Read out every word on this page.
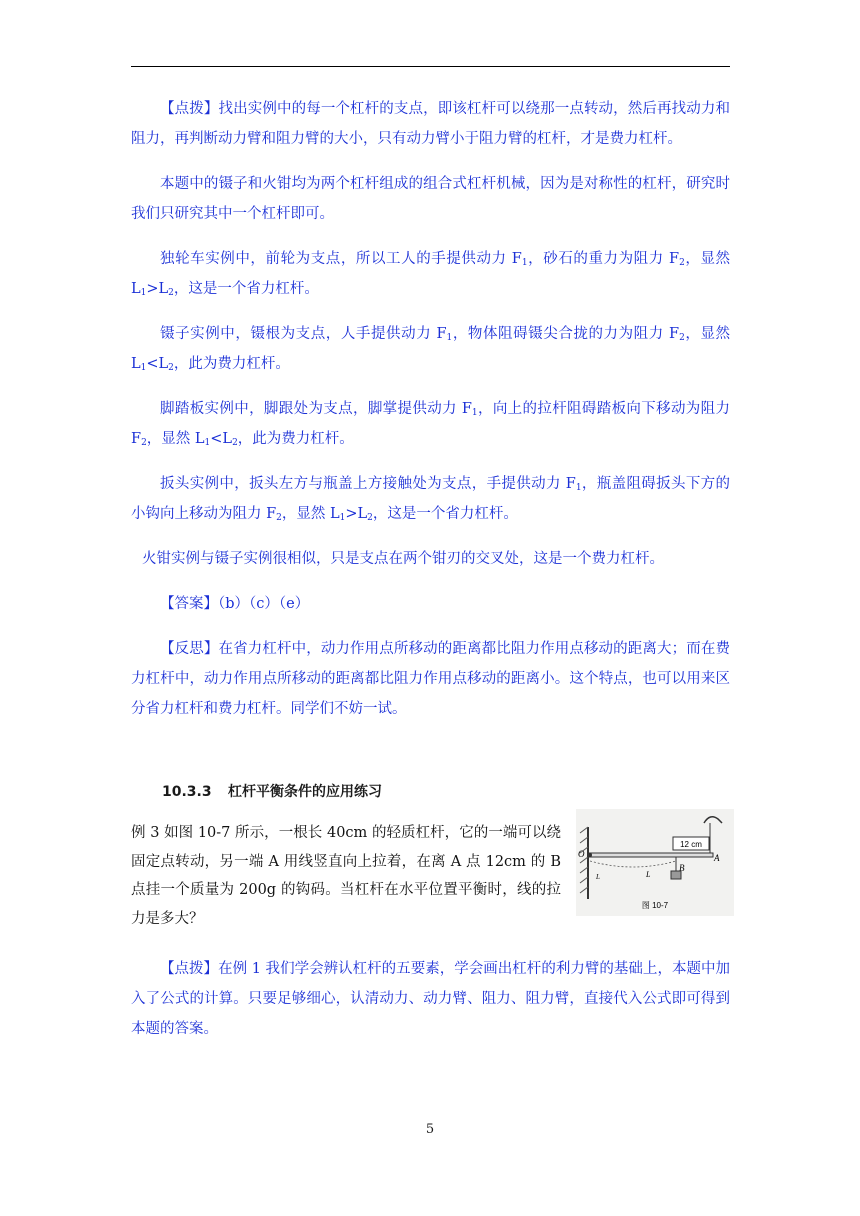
【点拨】找出实例中的每一个杠杆的支点，即该杠杆可以绕那一点转动，然后再找动力和阻力，再判断动力臂和阻力臂的大小，只有动力臂小于阻力臂的杠杆，才是费力杠杆。

本题中的镊子和火钳均为两个杠杆组成的组合式杠杆机械，因为是对称性的杠杆，研究时我们只研究其中一个杠杆即可。

独轮车实例中，前轮为支点，所以工人的手提供动力 $F_1$，砂石的重力为阻力 $F_2$，显然 $L_1>L_2$，这是一个省力杠杆。

镊子实例中，镊根为支点，人手提供动力 $F_1$，物体阻碍镊尖合拢的力为阻力 $F_2$，显然 $L_1<L_2$，此为费力杠杆。

脚踏板实例中，脚跟处为支点，脚掌提供动力 $F_1$，向上的拉杆阻碍踏板向下移动为阻力 $F_2$，显然 $L_1<L_2$，此为费力杠杆。

扳头实例中，扳头左方与瓶盖上方接触处为支点，手提供动力 $F_1$，瓶盖阻碍扳头下方的小钩向上移动为阻力 $F_2$，显然 $L_1>L_2$，这是一个省力杠杆。

火钳实例与镊子实例很相似，只是支点在两个钳刃的交叉处，这是一个费力杠杆。

【答案】（b）（c）（e）

【反思】在省力杠杆中，动力作用点所移动的距离都比阻力作用点移动的距离大；而在费力杠杆中，动力作用点所移动的距离都比阻力作用点移动的距离小。这个特点，也可以用来区分省力杠杆和费力杠杆。同学们不妨一试。

10.3.3 杠杆平衡条件的应用练习

例 3 如图 10-7 所示，一根长 40cm 的轻质杠杆，它的一端可以绕固定点转动，另一端 A 用线竖直向上拉着，在离 A 点 12cm 的 B 点挂一个质量为 200g 的钩码。当杠杆在水平位置平衡时，线的拉力是多大？

12 cm
O	A
B
L
L
图 10-7

【点拨】在例 1 我们学会辨认杠杆的五要素，学会画出杠杆的利力臂的基础上，本题中加入了公式的计算。只要足够细心，认清动力、动力臂、阻力、阻力臂，直接代入公式即可得到本题的答案。

5
